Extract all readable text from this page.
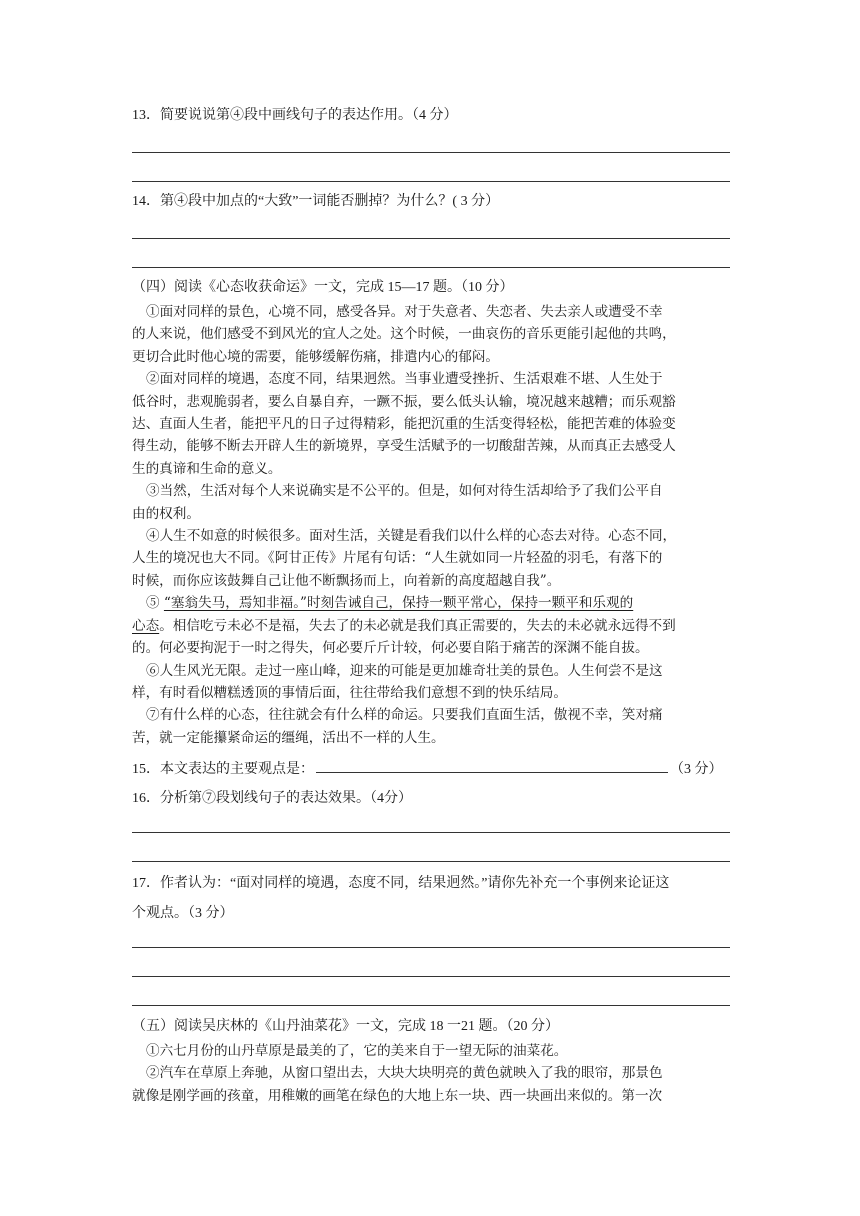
13．简要说说第④段中画线句子的表达作用。（4 分）
14．第④段中加点的“大致”一词能否删掉？为什么？( 3 分）
（四）阅读《心态收获命运》一文，完成 15—17 题。（10 分）
①面对同样的景色，心境不同，感受各异。对于失意者、失恋者、失去亲人或遭受不幸
的人来说，他们感受不到风光的宜人之处。这个时候，一曲哀伤的音乐更能引起他的共鸣，
更切合此时他心境的需要，能够缓解伤痛，排遣内心的郁闷。
②面对同样的境遇，态度不同，结果迥然。当事业遭受挫折、生活艰难不堪、人生处于
低谷时，悲观脆弱者，要么自暴自弃，一蹶不振，要么低头认输，境况越来越糟；而乐观豁
达、直面人生者，能把平凡的日子过得精彩，能把沉重的生活变得轻松，能把苦难的体验变
得生动，能够不断去开辟人生的新境界，享受生活赋予的一切酸甜苦辣，从而真正去感受人
生的真谛和生命的意义。
③当然，生活对每个人来说确实是不公平的。但是，如何对待生活却给予了我们公平自
由的权利。
④人生不如意的时候很多。面对生活，关键是看我们以什么样的心态去对待。心态不同，
人生的境况也大不同。《阿甘正传》片尾有句话：“人生就如同一片轻盈的羽毛，有落下的
时候，而你应该鼓舞自己让他不断飘扬而上，向着新的高度超越自我”。
⑤ “塞翁失马，焉知非福。”时刻告诫自己，保持一颗平常心，保持一颗平和乐观的
心态。相信吃亏未必不是福，失去了的未必就是我们真正需要的，失去的未必就永远得不到
的。何必要拘泥于一时之得失，何必要斤斤计较，何必要自陷于痛苦的深渊不能自拔。
⑥人生风光无限。走过一座山峰，迎来的可能是更加雄奇壮美的景色。人生何尝不是这
样，有时看似糟糕透顶的事情后面，往往带给我们意想不到的快乐结局。
⑦有什么样的心态，往往就会有什么样的命运。只要我们直面生活，傲视不幸，笑对痛
苦，就一定能攥紧命运的缰绳，活出不一样的人生。
15．本文表达的主要观点是：	（3 分）
16．分析第⑦段划线句子的表达效果。（4分）
17．作者认为：“面对同样的境遇，态度不同，结果迥然。”请你先补充一个事例来论证这
个观点。（3 分）
（五）阅读吴庆林的《山丹油菜花》一文，完成 18 一21 题。（20 分）
①六七月份的山丹草原是最美的了，它的美来自于一望无际的油菜花。
②汽车在草原上奔驰，从窗口望出去，大块大块明亮的黄色就映入了我的眼帘，那景色
就像是刚学画的孩童，用稚嫩的画笔在绿色的大地上东一块、西一块画出来似的。第一次
